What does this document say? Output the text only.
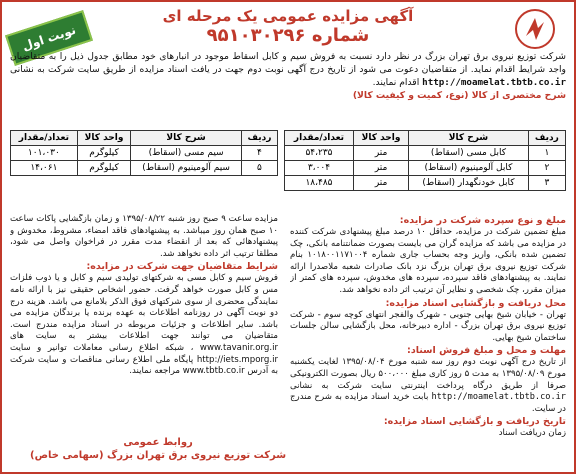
نوبت اول
آگهی مزایده عمومی یک مرحله ای
شماره ۹۵۱۰۳۰۲۹۶
شرکت توزیع نیروی برق تهران بزرگ در نظر دارد نسبت به فروش سیم و کابل اسقاط موجود در انبارهای خود مطابق جدول ذیل را به متقاضیان واجد شرایط اقدام نماید. از متقاضیان دعوت می شود از تاریخ درج آگهی نوبت دوم جهت در یافت اسناد مزایده از طریق سایت شرکت به نشانی http://moamelat.tbtb.co.ir اقدام نمایند.
شرح مختصری از کالا (نوع، کمیت و کیفیت کالا)
ردیف	شرح کالا	واحد کالا	تعداد/مقدار
۱	کابل مسی (اسقاط)	متر	۵۴،۲۳۵
۲	کابل آلومینیوم (اسقاط)	متر	۳،۰۰۴
۳	کابل خودنگهدار (اسقاط)	متر	۱۸،۴۸۵
ردیف	شرح کالا	واحد کالا	تعداد/مقدار
۴	سیم مسی (اسقاط)	کیلوگرم	۱۰۱،۰۳۰
۵	سیم آلومینیوم (اسقاط)	کیلوگرم	۱۴،۰۶۱
مبلغ و نوع سپرده شرکت در مزایده:
مبلغ تضمین شرکت در مزایده، حداقل ۱۰ درصد مبلغ پیشنهادی شرکت کننده در مزایده می باشد که مزایده گران می بایست بصورت ضمانتنامه بانکی، چک تضمین شده بانکی، واریز وجه بحساب جاری شماره ۱۰۱۸۰۰۱۱۷۱۰۰۴ بنام شرکت توزیع نیروی برق تهران بزرگ نزد بانک صادرات شعبه ملاصدرا ارائه نمایند. به پیشنهادهای فاقد سپرده، سپرده های مخدوش، سپرده های کمتر از میزان مقرر، چک شخصی و نظایر آن ترتیب اثر داده نخواهد شد.
محل دریافت و بازگشایی اسناد مزایده:
تهران - خیابان شیخ بهایی جنوبی - شهرک والفجر انتهای کوچه سوم - شرکت توزیع نیروی برق تهران بزرگ - اداره دبیرخانه، محل بازگشایی سالن جلسات ساختمان شیخ بهایی.
مهلت و محل و مبلغ فروش اسناد:
از تاریخ درج آگهی نوبت دوم روز سه شنبه مورخ ۱۳۹۵/۰۸/۰۴ لغایت یکشنبه مورخ ۱۳۹۵/۰۸/۰۹ به مدت ۵ روز کاری مبلغ ۵۰۰،۰۰۰ ریال بصورت الکترونیکی صرفا از طریق درگاه پرداخت اینترنتی سایت شرکت به نشانی http://moamelat.tbtb.co.ir بابت خرید اسناد مزایده به شرح مندرج در سایت.
تاریخ دریافت و بازگشایی اسناد مزایده:
زمان دریافت اسناد
مزایده ساعت ۹ صبح روز شنبه ۱۳۹۵/۰۸/۲۲ و زمان بازگشایی پاکات ساعت ۱۰ صبح همان روز میباشد. به پیشنهادهای فاقد امضاء، مشروط، مخدوش و پیشنهادهائی که بعد از انقضاء مدت مقرر در فراخوان واصل می شود، مطلقا ترتیب اثر داده نخواهد شد.
شرایط متقاضیان جهت شرکت در مزایده:
فروش سیم و کابل مسی به شرکتهای تولیدی سیم و کابل و یا ذوب فلزات مس و کابل صورت خواهد گرفت. حضور اشخاص حقیقی نیز با ارائه نامه نمایندگی محضری از سوی شرکتهای فوق الذکر بلامانع می باشد. هزینه درج دو نوبت آگهی در روزنامه اطلاعات به عهده برنده یا برندگان مزایده می باشد. سایر اطلاعات و جزئیات مربوطه در اسناد مزایده مندرج است. متقاضیان می توانند جهت اطلاعات بیشتر به سایت های www.tavanir.org.ir ، شبکه اطلاع رسانی معاملات توانیر و سایت http://iets.mporg.ir پایگاه ملی اطلاع رسانی مناقصات و سایت شرکت به آدرس www.tbtb.co.ir مراجعه نمایند.
روابط عمومی
شرکت توزیع نیروی برق تهران بزرگ (سهامی خاص)
